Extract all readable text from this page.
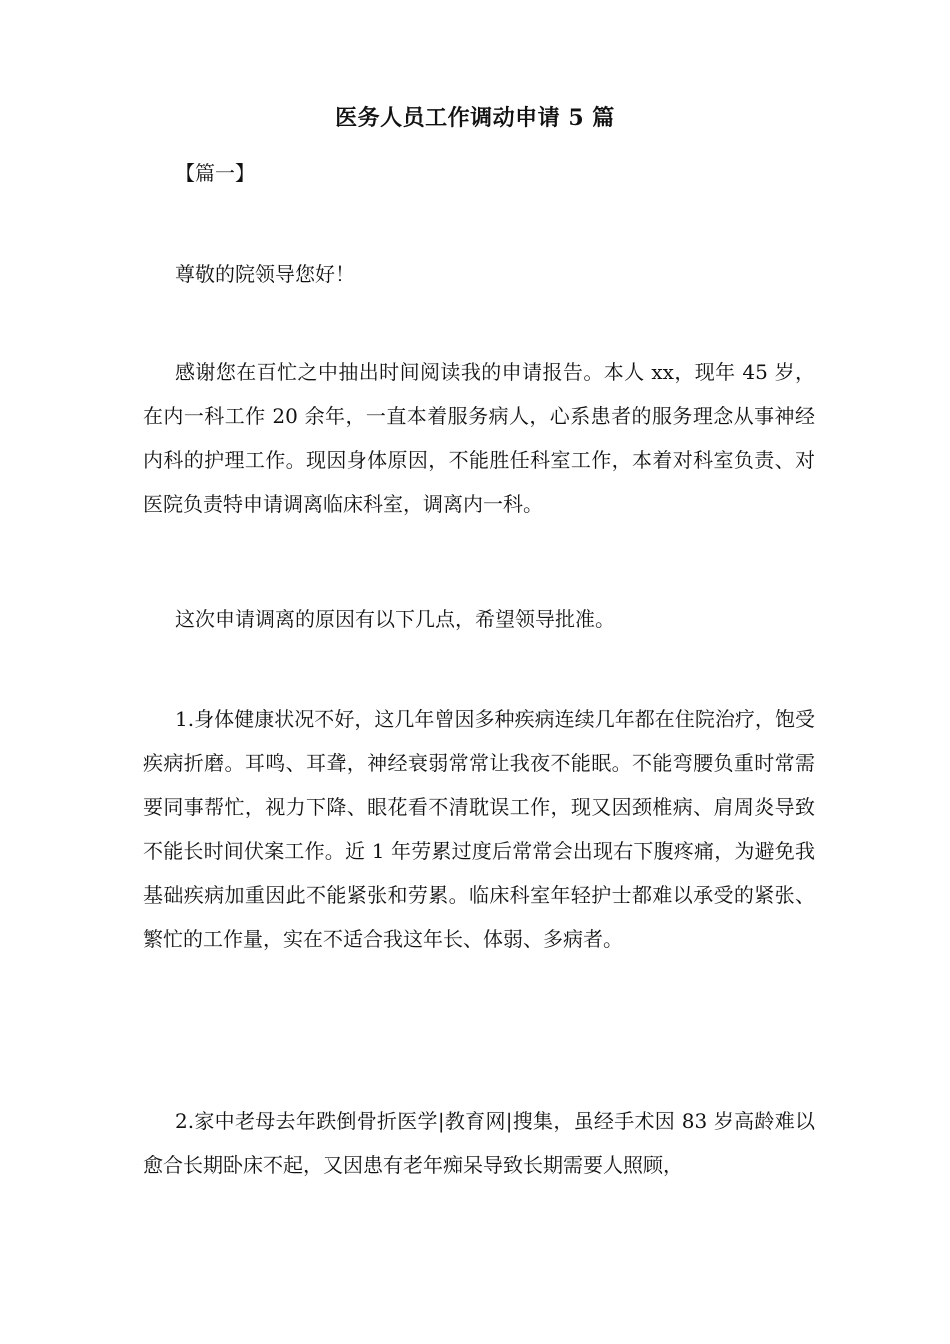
医务人员工作调动申请 5 篇
【篇一】

尊敬的院领导您好！

感谢您在百忙之中抽出时间阅读我的申请报告。本人 xx，现年 45 岁，在内一科工作 20 余年，一直本着服务病人，心系患者的服务理念从事神经内科的护理工作。现因身体原因，不能胜任科室工作，本着对科室负责、对医院负责特申请调离临床科室，调离内一科。

这次申请调离的原因有以下几点，希望领导批准。

1.身体健康状况不好，这几年曾因多种疾病连续几年都在住院治疗，饱受疾病折磨。耳鸣、耳聋，神经衰弱常常让我夜不能眠。不能弯腰负重时常需要同事帮忙，视力下降、眼花看不清耽误工作，现又因颈椎病、肩周炎导致不能长时间伏案工作。近 1 年劳累过度后常常会出现右下腹疼痛，为避免我基础疾病加重因此不能紧张和劳累。临床科室年轻护士都难以承受的紧张、繁忙的工作量，实在不适合我这年长、体弱、多病者。

2.家中老母去年跌倒骨折医学|教育网|搜集，虽经手术因 83 岁高龄难以愈合长期卧床不起，又因患有老年痴呆导致长期需要人照顾，
